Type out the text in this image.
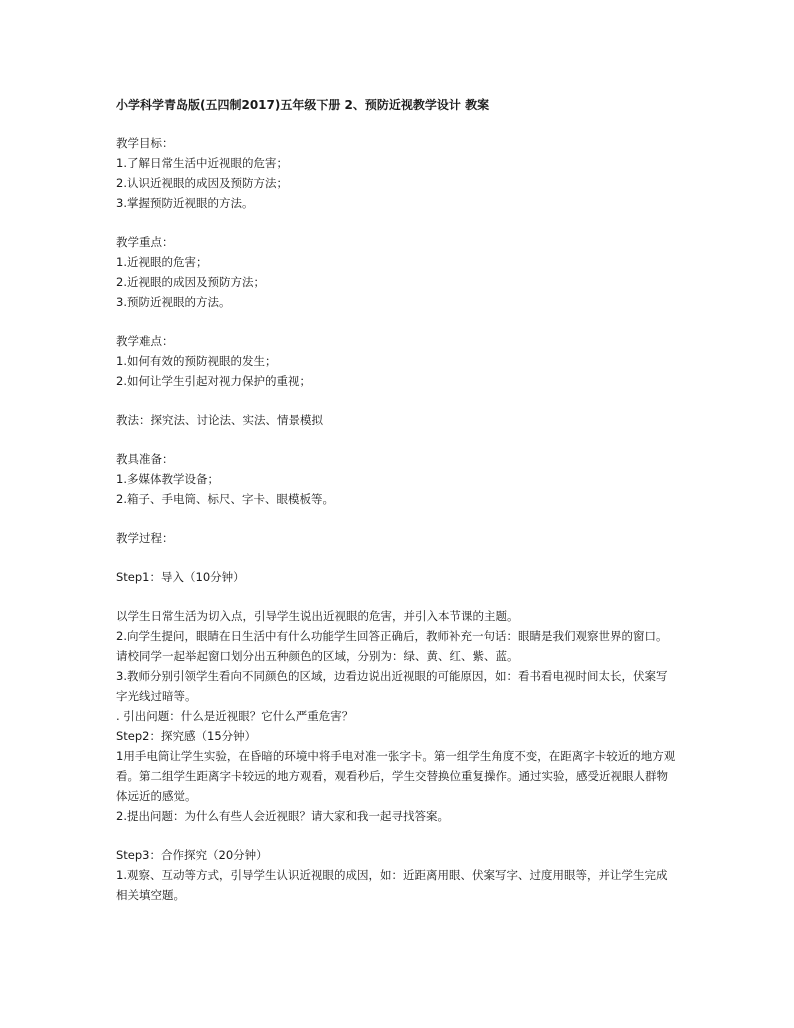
小学科学青岛版(五四制2017)五年级下册 2、预防近视教学设计 教案

教学目标：

1.了解日常生活中近视眼的危害；

2.认识近视眼的成因及预防方法；

3.掌握预防近视眼的方法。

教学重点：

1.近视眼的危害；

2.近视眼的成因及预防方法；

3.预防近视眼的方法。

教学难点：

1.如何有效的预防视眼的发生；

2.如何让学生引起对视力保护的重视；

教法：探究法、讨论法、实法、情景模拟

教具准备：

1.多媒体教学设备；

2.箱子、手电筒、标尺、字卡、眼模板等。

教学过程：

Step1：导入（10分钟）

以学生日常生活为切入点，引导学生说出近视眼的危害，并引入本节课的主题。

2.向学生提问，眼睛在日生活中有什么功能学生回答正确后，教师补充一句话：眼睛是我们观察世界的窗口。请校同学一起举起窗口划分出五种颜色的区域，分别为：绿、黄、红、紫、蓝。

3.教师分别引领学生看向不同颜色的区域，边看边说出近视眼的可能原因，如：看书看电视时间太长，伏案写字光线过暗等。

. 引出问题：什么是近视眼？它什么严重危害？

Step2：探究感（15分钟）

1用手电筒让学生实验，在昏暗的环境中将手电对准一张字卡。第一组学生角度不变，在距离字卡较近的地方观看。第二组学生距离字卡较远的地方观看，观看秒后，学生交替换位重复操作。通过实验，感受近视眼人群物体远近的感觉。

2.提出问题：为什么有些人会近视眼？请大家和我一起寻找答案。

Step3：合作探究（20分钟）

1.观察、互动等方式，引导学生认识近视眼的成因，如：近距离用眼、伏案写字、过度用眼等，并让学生完成相关填空题。
